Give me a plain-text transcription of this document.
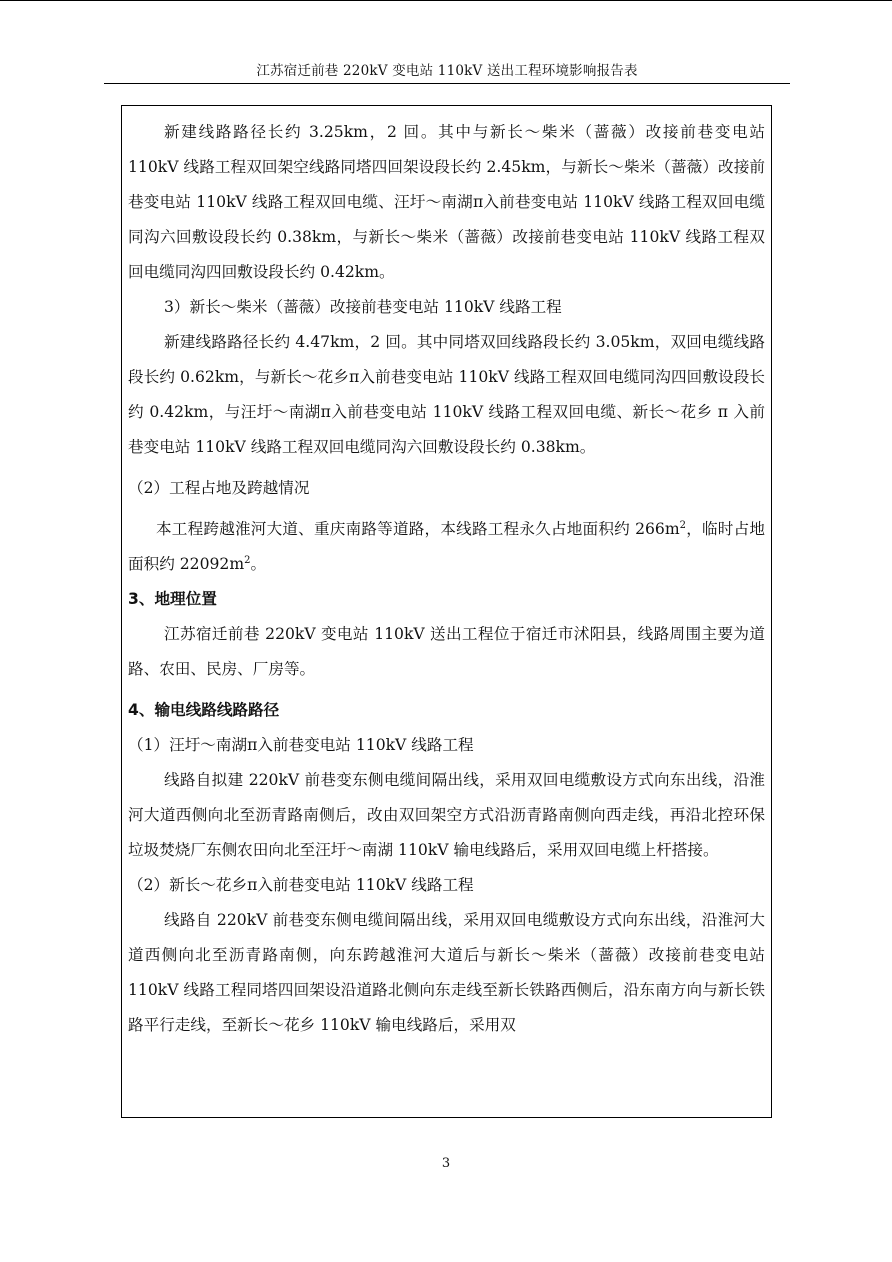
江苏宿迁前巷 220kV 变电站 110kV 送出工程环境影响报告表

新建线路路径长约 3.25km，2 回。其中与新长～柴米（蔷薇）改接前巷变电站 110kV 线路工程双回架空线路同塔四回架设段长约 2.45km，与新长～柴米（蔷薇）改接前巷变电站 110kV 线路工程双回电缆、汪圩～南湖π入前巷变电站 110kV 线路工程双回电缆同沟六回敷设段长约 0.38km，与新长～柴米（蔷薇）改接前巷变电站 110kV 线路工程双回电缆同沟四回敷设段长约 0.42km。

3）新长～柴米（蔷薇）改接前巷变电站 110kV 线路工程

新建线路路径长约 4.47km，2 回。其中同塔双回线路段长约 3.05km，双回电缆线路段长约 0.62km，与新长～花乡π入前巷变电站 110kV 线路工程双回电缆同沟四回敷设段长约 0.42km，与汪圩～南湖π入前巷变电站 110kV 线路工程双回电缆、新长～花乡 π 入前巷变电站 110kV 线路工程双回电缆同沟六回敷设段长约 0.38km。

（2）工程占地及跨越情况

本工程跨越淮河大道、重庆南路等道路，本线路工程永久占地面积约 $266m^2$，临时占地面积约 $22092m^2$。

3、地理位置

江苏宿迁前巷 220kV 变电站 110kV 送出工程位于宿迁市沭阳县，线路周围主要为道路、农田、民房、厂房等。

4、输电线路线路路径

（1）汪圩～南湖π入前巷变电站 110kV 线路工程

线路自拟建 220kV 前巷变东侧电缆间隔出线，采用双回电缆敷设方式向东出线，沿淮河大道西侧向北至沥青路南侧后，改由双回架空方式沿沥青路南侧向西走线，再沿北控环保垃圾焚烧厂东侧农田向北至汪圩～南湖 110kV 输电线路后，采用双回电缆上杆搭接。

（2）新长～花乡π入前巷变电站 110kV 线路工程

线路自 220kV 前巷变东侧电缆间隔出线，采用双回电缆敷设方式向东出线，沿淮河大道西侧向北至沥青路南侧，向东跨越淮河大道后与新长～柴米（蔷薇）改接前巷变电站 110kV 线路工程同塔四回架设沿道路北侧向东走线至新长铁路西侧后，沿东南方向与新长铁路平行走线，至新长～花乡 110kV 输电线路后，采用双

3
